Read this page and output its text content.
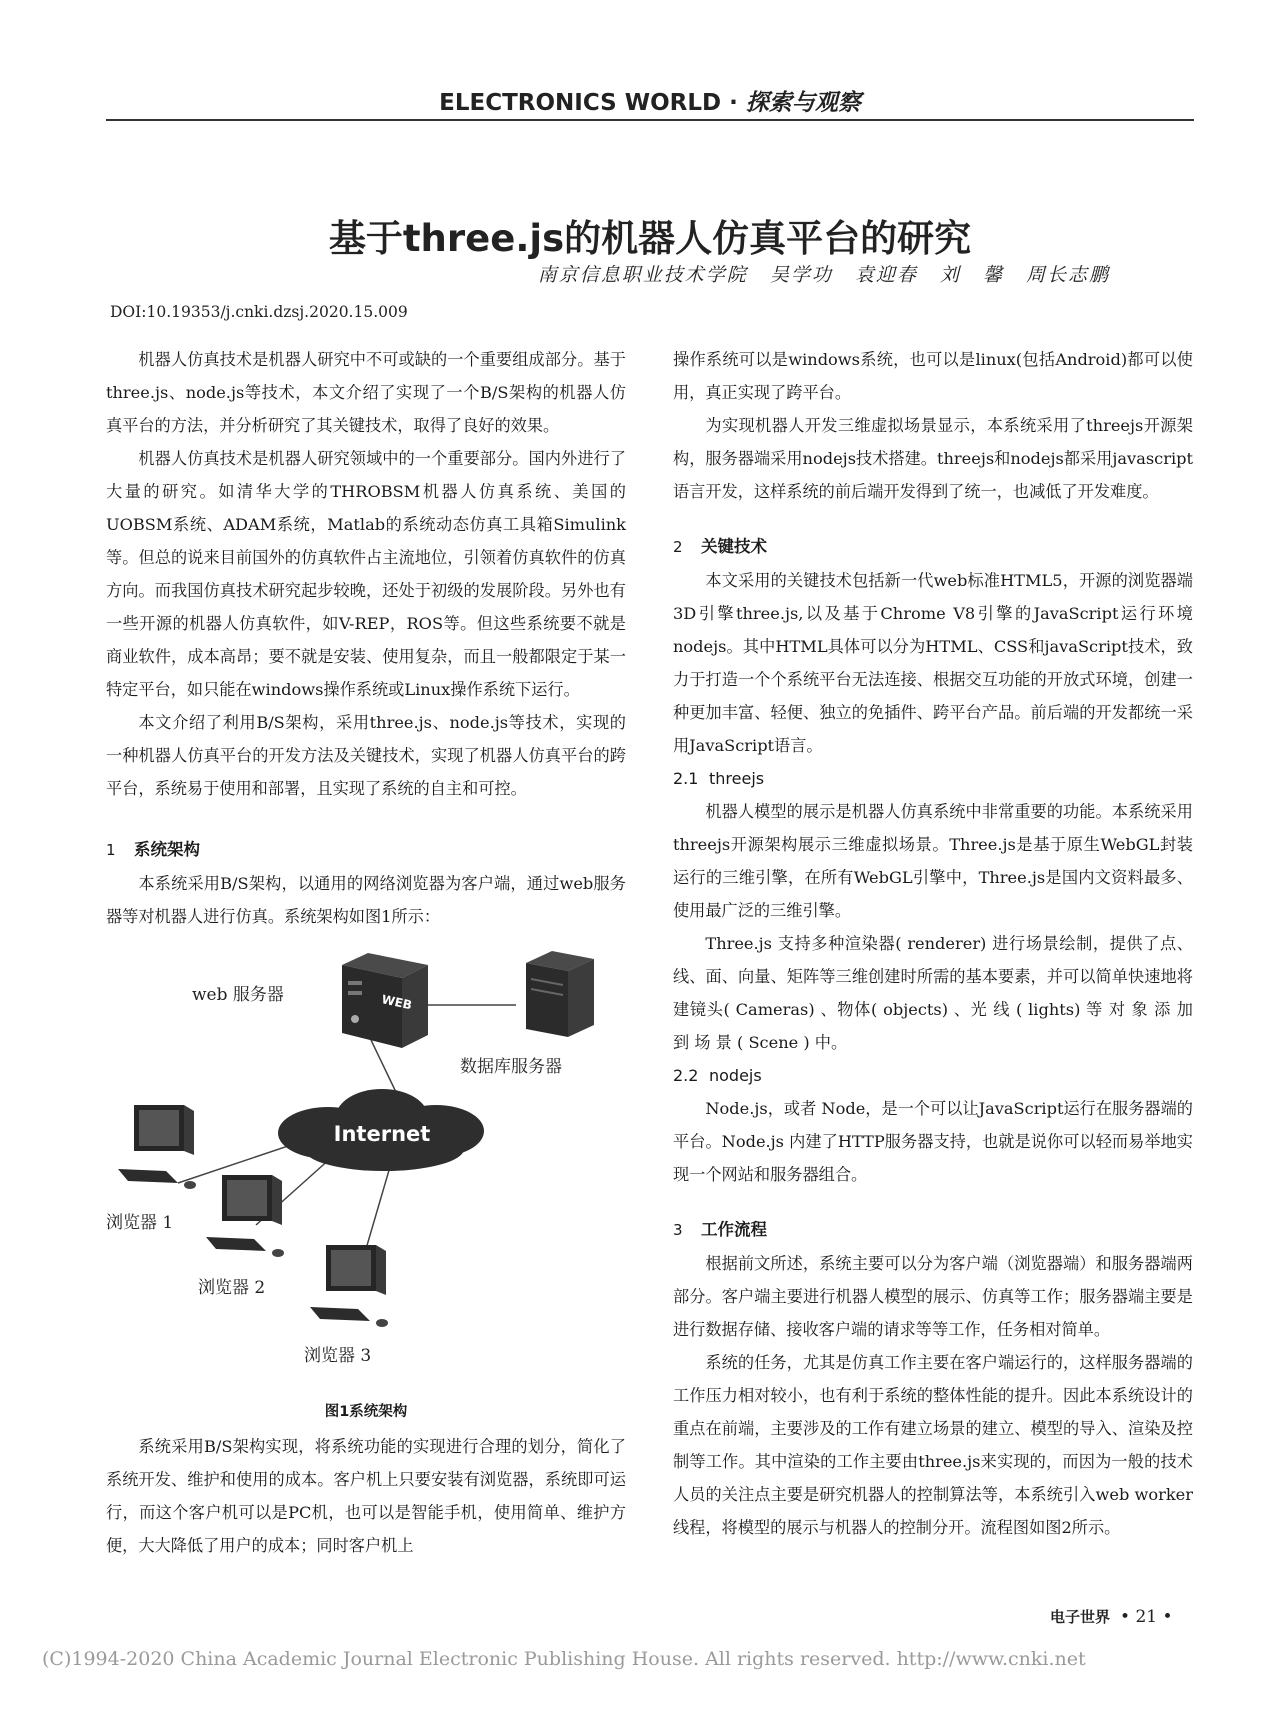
ELECTRONICS WORLD · 探索与观察
基于three.js的机器人仿真平台的研究
南京信息职业技术学院 吴学功 袁迎春 刘 馨 周长志鹏
DOI:10.19353/j.cnki.dzsj.2020.15.009

机器人仿真技术是机器人研究中不可或缺的一个重要组成部分。基于three.js、node.js等技术，本文介绍了实现了一个B/S架构的机器人仿真平台的方法，并分析研究了其关键技术，取得了良好的效果。

机器人仿真技术是机器人研究领域中的一个重要部分。国内外进行了大量的研究。如清华大学的THROBSM机器人仿真系统、美国的UOBSM系统、ADAM系统，Matlab的系统动态仿真工具箱Simulink等。但总的说来目前国外的仿真软件占主流地位，引领着仿真软件的仿真方向。而我国仿真技术研究起步较晚，还处于初级的发展阶段。另外也有一些开源的机器人仿真软件，如V-REP，ROS等。但这些系统要不就是商业软件，成本高昂；要不就是安装、使用复杂，而且一般都限定于某一特定平台，如只能在windows操作系统或Linux操作系统下运行。

本文介绍了利用B/S架构，采用three.js、node.js等技术，实现的一种机器人仿真平台的开发方法及关键技术，实现了机器人仿真平台的跨平台，系统易于使用和部署，且实现了系统的自主和可控。

1 系统架构

本系统采用B/S架构，以通用的网络浏览器为客户端，通过web服务器等对机器人进行仿真。系统架构如图1所示：

WEB
Internet
web 服务器
数据库服务器
浏览器 1
浏览器 2
浏览器 3
图1系统架构

系统采用B/S架构实现，将系统功能的实现进行合理的划分，简化了系统开发、维护和使用的成本。客户机上只要安装有浏览器，系统即可运行，而这个客户机可以是PC机，也可以是智能手机，使用简单、维护方便，大大降低了用户的成本；同时客户机上

操作系统可以是windows系统，也可以是linux(包括Android)都可以使用，真正实现了跨平台。

为实现机器人开发三维虚拟场景显示，本系统采用了threejs开源架构，服务器端采用nodejs技术搭建。threejs和nodejs都采用javascript语言开发，这样系统的前后端开发得到了统一，也减低了开发难度。

2 关键技术

本文采用的关键技术包括新一代web标准HTML5，开源的浏览器端3D引擎three.js,以及基于Chrome V8引擎的JavaScript运行环境nodejs。其中HTML具体可以分为HTML、CSS和javaScript技术，致力于打造一个个系统平台无法连接、根据交互功能的开放式环境，创建一种更加丰富、轻便、独立的免插件、跨平台产品。前后端的开发都统一采用JavaScript语言。

2.1 threejs

机器人模型的展示是机器人仿真系统中非常重要的功能。本系统采用threejs开源架构展示三维虚拟场景。Three.js是基于原生WebGL封装运行的三维引擎，在所有WebGL引擎中，Three.js是国内文资料最多、使用最广泛的三维引擎。

Three.js 支持多种渲染器( renderer) 进行场景绘制，提供了点、线、面、向量、矩阵等三维创建时所需的基本要素，并可以简单快速地将建镜头( Cameras) 、物体( objects) 、光 线 ( lights) 等 对 象 添 加 到 场 景 ( Scene ) 中。

2.2 nodejs

Node.js，或者 Node，是一个可以让JavaScript运行在服务器端的平台。Node.js 内建了HTTP服务器支持，也就是说你可以轻而易举地实现一个网站和服务器组合。

3 工作流程

根据前文所述，系统主要可以分为客户端（浏览器端）和服务器端两部分。客户端主要进行机器人模型的展示、仿真等工作；服务器端主要是进行数据存储、接收客户端的请求等等工作，任务相对简单。

系统的任务，尤其是仿真工作主要在客户端运行的，这样服务器端的工作压力相对较小，也有利于系统的整体性能的提升。因此本系统设计的重点在前端，主要涉及的工作有建立场景的建立、模型的导入、渲染及控制等工作。其中渲染的工作主要由three.js来实现的，而因为一般的技术人员的关注点主要是研究机器人的控制算法等，本系统引入web worker线程，将模型的展示与机器人的控制分开。流程图如图2所示。

电子世界 • 21 •
(C)1994-2020 China Academic Journal Electronic Publishing House. All rights reserved. http://www.cnki.net
